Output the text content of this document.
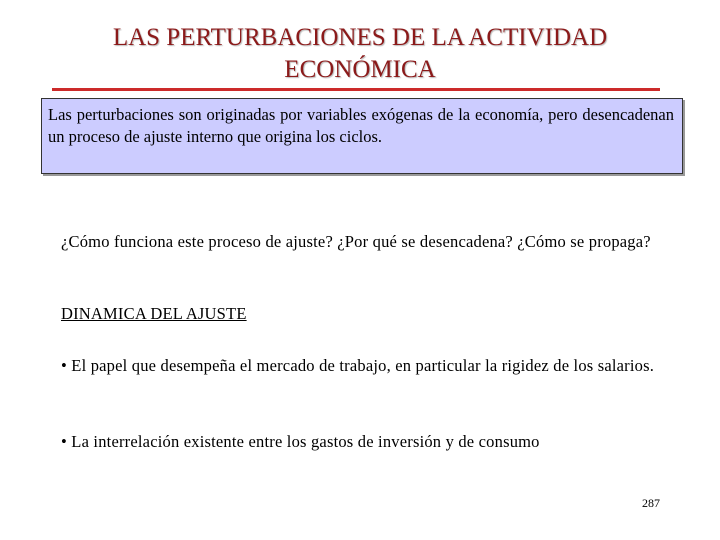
LAS PERTURBACIONES DE LA ACTIVIDAD
ECONÓMICA
Las perturbaciones son originadas por variables exógenas de la economía, pero desencadenan un proceso de ajuste interno que origina los ciclos.
¿Cómo funciona este proceso de ajuste? ¿Por qué se desencadena? ¿Cómo se propaga?
DINAMICA DEL AJUSTE
• El papel que desempeña el mercado de trabajo, en particular la rigidez de los salarios.
• La interrelación existente entre los gastos de inversión y de consumo
287
